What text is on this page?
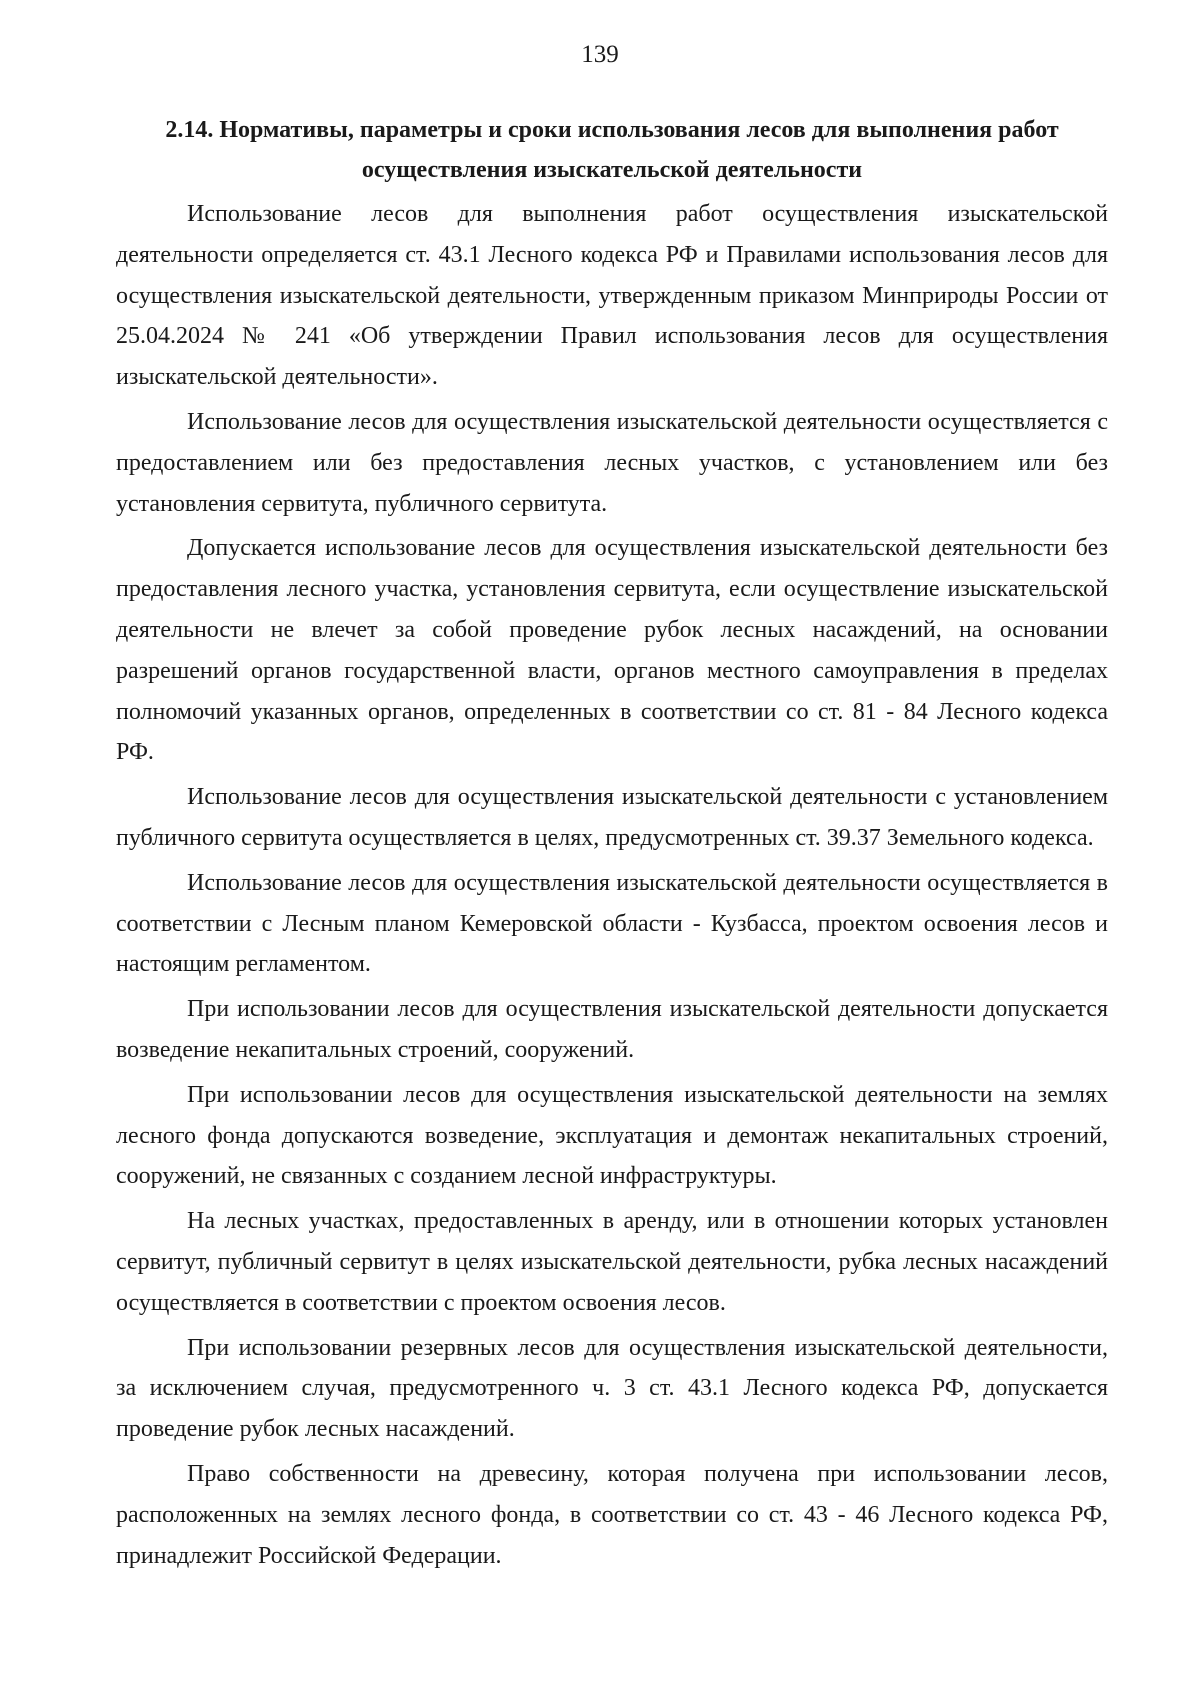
139
2.14. Нормативы, параметры и сроки использования лесов для выполнения работ
осуществления изыскательской деятельности

Использование лесов для выполнения работ осуществления изыскательской деятельности определяется ст. 43.1 Лесного кодекса РФ и Правилами использования лесов для осуществления изыскательской деятельности, утвержденным приказом Минприроды России от 25.04.2024 № 241 «Об утверждении Правил использования лесов для осуществления изыскательской деятельности».

Использование лесов для осуществления изыскательской деятельности осуществляется с предоставлением или без предоставления лесных участков, с установлением или без установления сервитута, публичного сервитута.

Допускается использование лесов для осуществления изыскательской деятельности без предоставления лесного участка, установления сервитута, если осуществление изыскательской деятельности не влечет за собой проведение рубок лесных насаждений, на основании разрешений органов государственной власти, органов местного самоуправления в пределах полномочий указанных органов, определенных в соответствии со ст. 81 - 84 Лесного кодекса РФ.

Использование лесов для осуществления изыскательской деятельности с установлением публичного сервитута осуществляется в целях, предусмотренных ст. 39.37 Земельного кодекса.

Использование лесов для осуществления изыскательской деятельности осуществляется в соответствии с Лесным планом Кемеровской области - Кузбасса, проектом освоения лесов и настоящим регламентом.

При использовании лесов для осуществления изыскательской деятельности допускается возведение некапитальных строений, сооружений.

При использовании лесов для осуществления изыскательской деятельности на землях лесного фонда допускаются возведение, эксплуатация и демонтаж некапитальных строений, сооружений, не связанных с созданием лесной инфраструктуры.

На лесных участках, предоставленных в аренду, или в отношении которых установлен сервитут, публичный сервитут в целях изыскательской деятельности, рубка лесных насаждений осуществляется в соответствии с проектом освоения лесов.

При использовании резервных лесов для осуществления изыскательской деятельности, за исключением случая, предусмотренного ч. 3 ст. 43.1 Лесного кодекса РФ, допускается проведение рубок лесных насаждений.

Право собственности на древесину, которая получена при использовании лесов, расположенных на землях лесного фонда, в соответствии со ст. 43 - 46 Лесного кодекса РФ, принадлежит Российской Федерации.
